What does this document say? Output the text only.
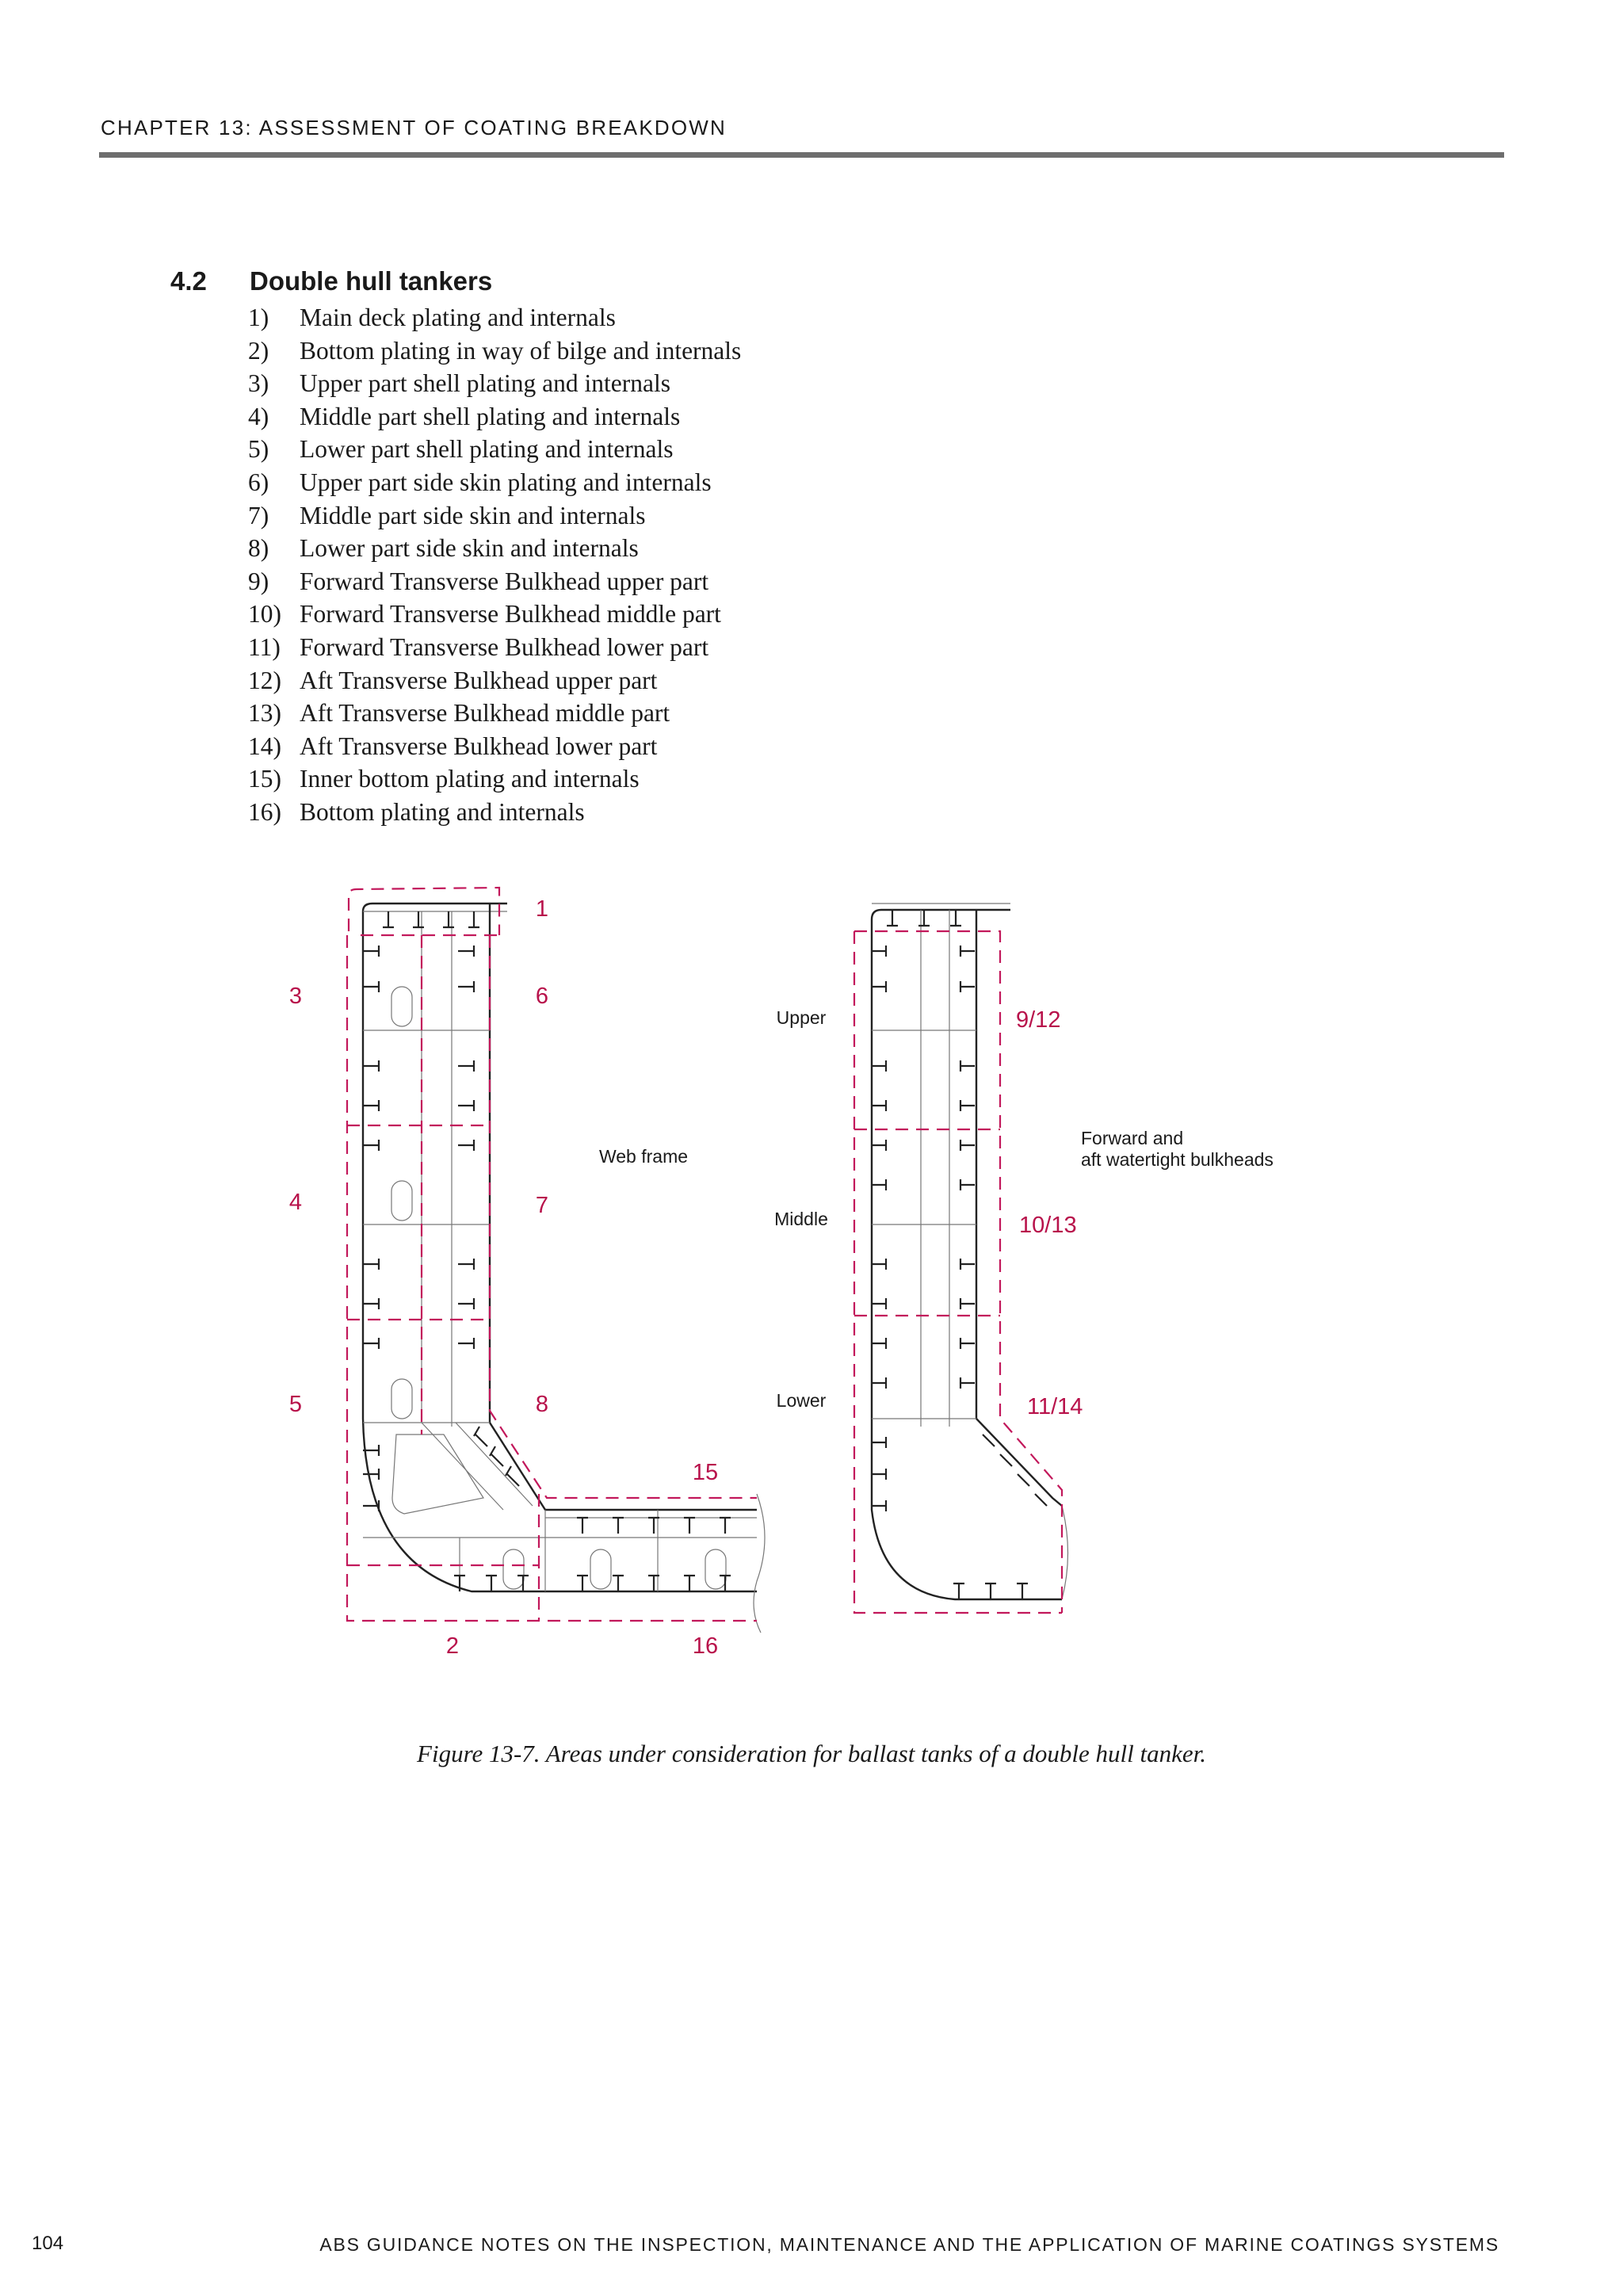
CHAPTER 13: ASSESSMENT OF COATING BREAKDOWN
4.2 Double hull tankers
1) Main deck plating and internals
2) Bottom plating in way of bilge and internals
3) Upper part shell plating and internals
4) Middle part shell plating and internals
5) Lower part shell plating and internals
6) Upper part side skin plating and internals
7) Middle part side skin and internals
8) Lower part side skin and internals
9) Forward Transverse Bulkhead upper part
10) Forward Transverse Bulkhead middle part
11) Forward Transverse Bulkhead lower part
12) Aft Transverse Bulkhead upper part
13) Aft Transverse Bulkhead middle part
14) Aft Transverse Bulkhead lower part
15) Inner bottom plating and internals
16) Bottom plating and internals
1
3	6
4	7
5	8
15
2	16
Web frame
Upper
Middle
Lower
9/12
10/13
11/14
Forward and
aft watertight bulkheads
Figure 13-7. Areas under consideration for ballast tanks of a double hull tanker.
104	ABS GUIDANCE NOTES ON THE INSPECTION, MAINTENANCE AND THE APPLICATION OF MARINE COATINGS SYSTEMS
